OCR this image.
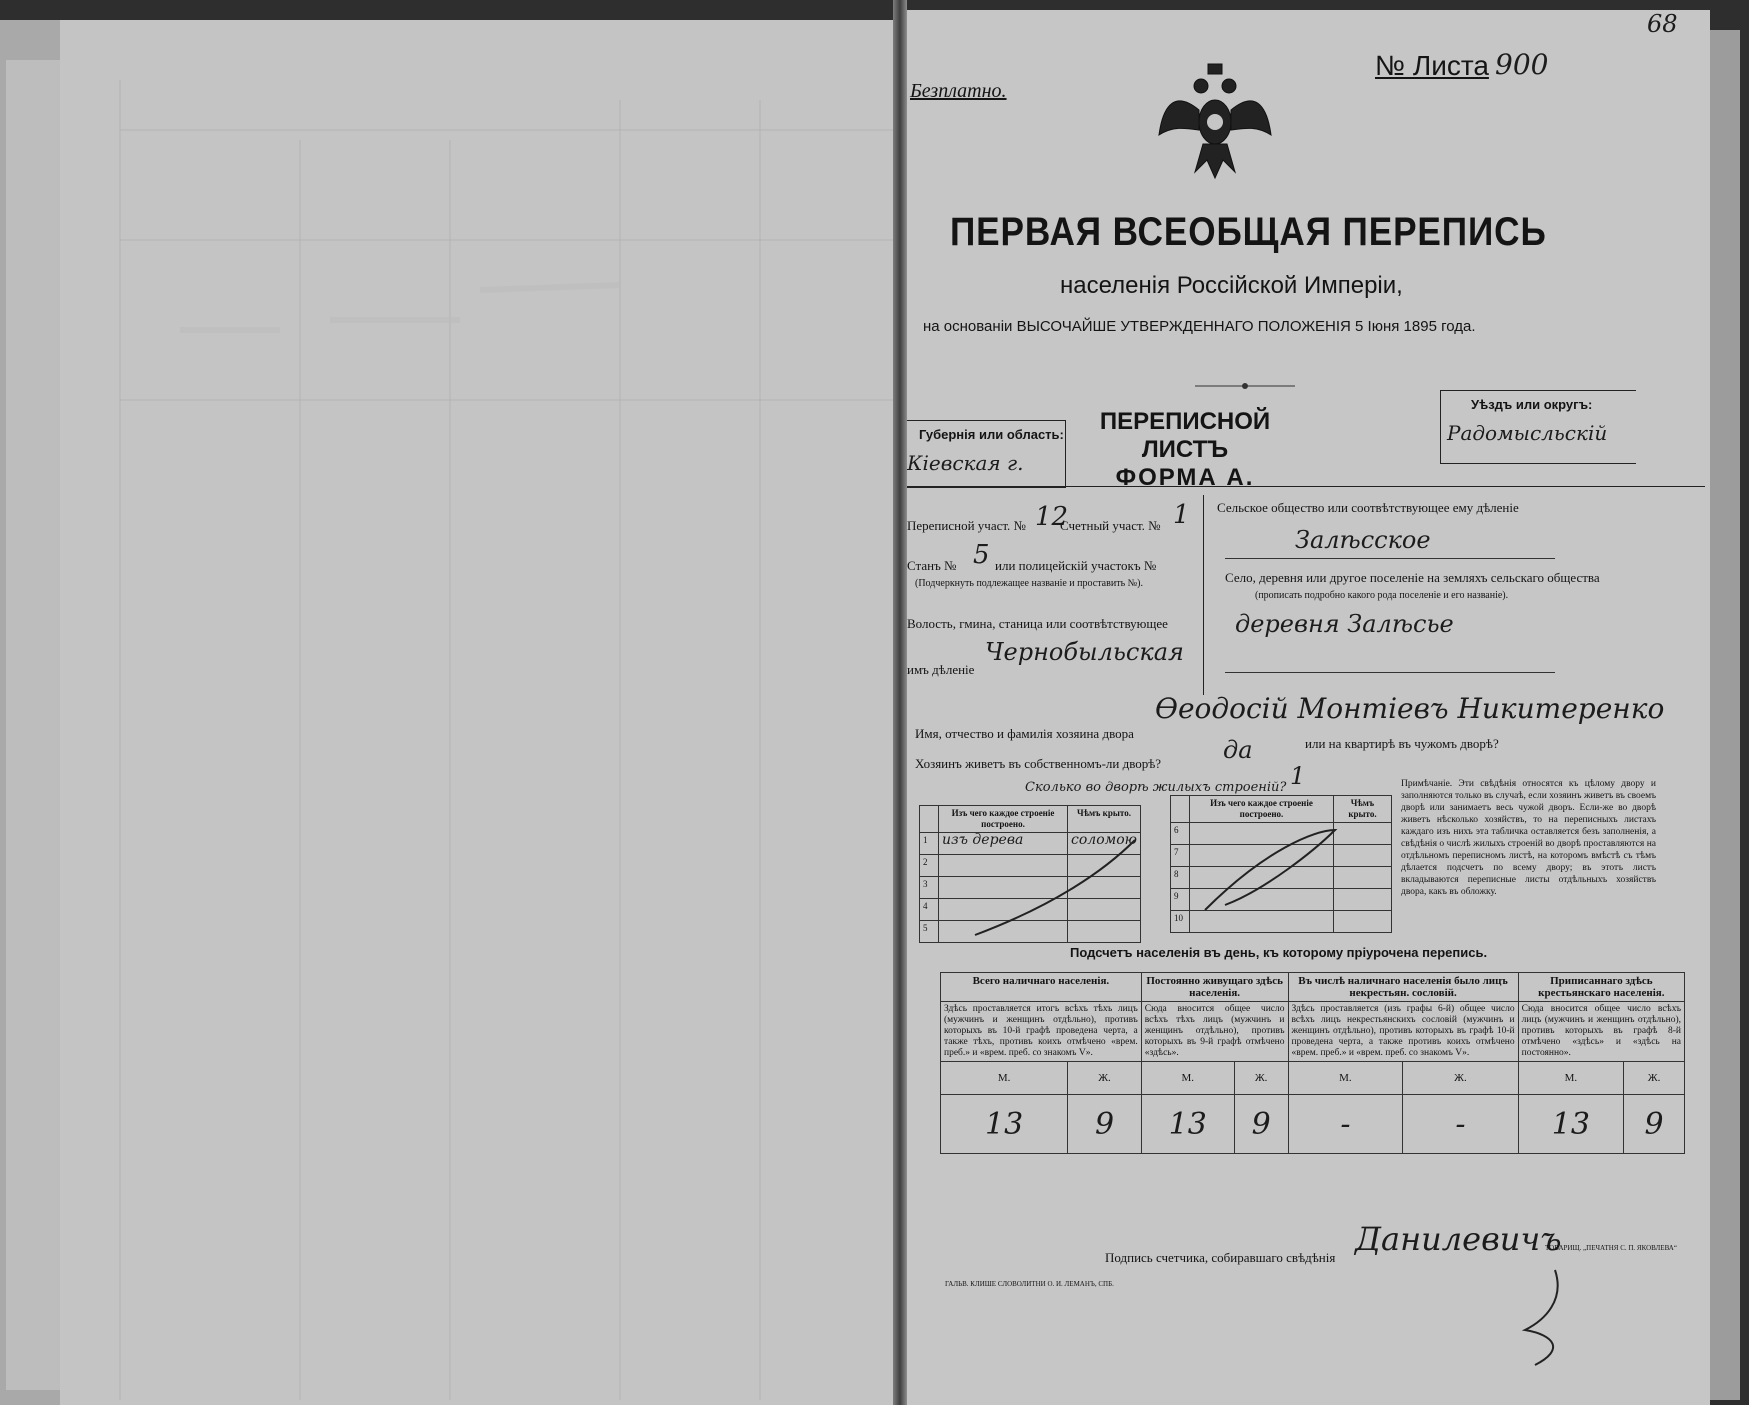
Безплатно.
№ Листа 900
68
ПЕРВАЯ ВСЕОБЩАЯ ПЕРЕПИСЬ
населенія Россійской Имперіи,
на основаніи ВЫСОЧАЙШЕ УТВЕРЖДЕННАГО ПОЛОЖЕНІЯ 5 Іюня 1895 года.
Губернія или область:
Кіевская г.
ПЕРЕПИСНОЙ ЛИСТЪ
ФОРМА А.
Уѣздъ или округъ:
Радомысльскій
Переписной участ. № 12
Счетный участ. № 1
Станъ № 5 или полицейскій участокъ №
(Подчеркнуть подлежащее названіе и проставить №).
Волость, гмина, станица или соотвѣтствующее
имъ дѣленіе
Чернобыльская
Сельское общество или соотвѣтствующее ему дѣленіе
Залѣсское
Село, деревня или другое поселеніе на земляхъ сельскаго общества
(прописать подробно какого рода поселеніе и его названіе).
деревня Залѣсье
Имя, отчество и фамилія хозяина двора
Ѳеодосій Монтіевъ Никитеренко
Хозяинъ живетъ въ собственномъ-ли дворѣ?	да	или на квартирѣ въ чужомъ дворѣ?
Сколько во дворѣ жилыхъ строеній? 1
	Изъ чего каждое строеніе построено.	Чѣмъ крыто.
1	изъ дерева	соломою
2		
3		
4		
5		
	Изъ чего каждое строеніе построено.	Чѣмъ крыто.
6		
7		
8		
9		
10		
Примѣчаніе. Эти свѣдѣнія относятся къ цѣлому двору и заполняются только въ случаѣ, если хозяинъ живетъ въ своемъ дворѣ или занимаетъ весь чужой дворъ. Если-же во дворѣ живетъ нѣсколько хозяйствъ, то на переписныхъ листахъ каждаго изъ нихъ эта табличка оставляется безъ заполненія, а свѣдѣнія о числѣ жилыхъ строеній во дворѣ проставляются на отдѣльномъ переписномъ листѣ, на которомъ вмѣстѣ съ тѣмъ дѣлается подсчетъ по всему двору; въ этотъ листъ вкладываются переписные листы отдѣльныхъ хозяйствъ двора, какъ въ обложку.
Подсчетъ населенія въ день, къ которому пріурочена перепись.
Всего наличнаго населенія.		Постоянно живущаго здѣсь населенія.		Въ числѣ наличнаго населенія было лицъ некрестьян. сословій.		Приписаннаго здѣсь крестьянскаго населенія.	
Здѣсь проставляется итогъ всѣхъ тѣхъ лицъ (мужчинъ и женщинъ отдѣльно), противъ которыхъ въ 10-й графѣ проведена черта, а также тѣхъ, противъ коихъ отмѣчено «врем. преб.» и «врем. преб. со знакомъ V».		Сюда вносится общее число всѣхъ тѣхъ лицъ (мужчинъ и женщинъ отдѣльно), противъ которыхъ въ 9-й графѣ отмѣчено «здѣсь».		Здѣсь проставляется (изъ графы 6-й) общее число всѣхъ лицъ некрестьянскихъ сословій (мужчинъ и женщинъ отдѣльно), противъ которыхъ въ графѣ 10-й проведена черта, а также противъ коихъ отмѣчено «врем. преб.» и «врем. преб. со знакомъ V».		Сюда вносится общее число всѣхъ лицъ (мужчинъ и женщинъ отдѣльно), противъ которыхъ въ графѣ 8-й отмѣчено «здѣсь» и «здѣсь на постоянно».	
М.	Ж.	М.	Ж.	М.	Ж.	М.	Ж.
13	9	13	9	-	-	13	9
Подпись счетчика, собиравшаго свѣдѣнія Данилевичъ
ГАЛЬВ. КЛИШЕ СЛОВОЛИТНИ О. И. ЛЕМАНЪ, СПБ.
ТОВАРИЩ. „ПЕЧАТНЯ С. П. ЯКОВЛЕВА“
